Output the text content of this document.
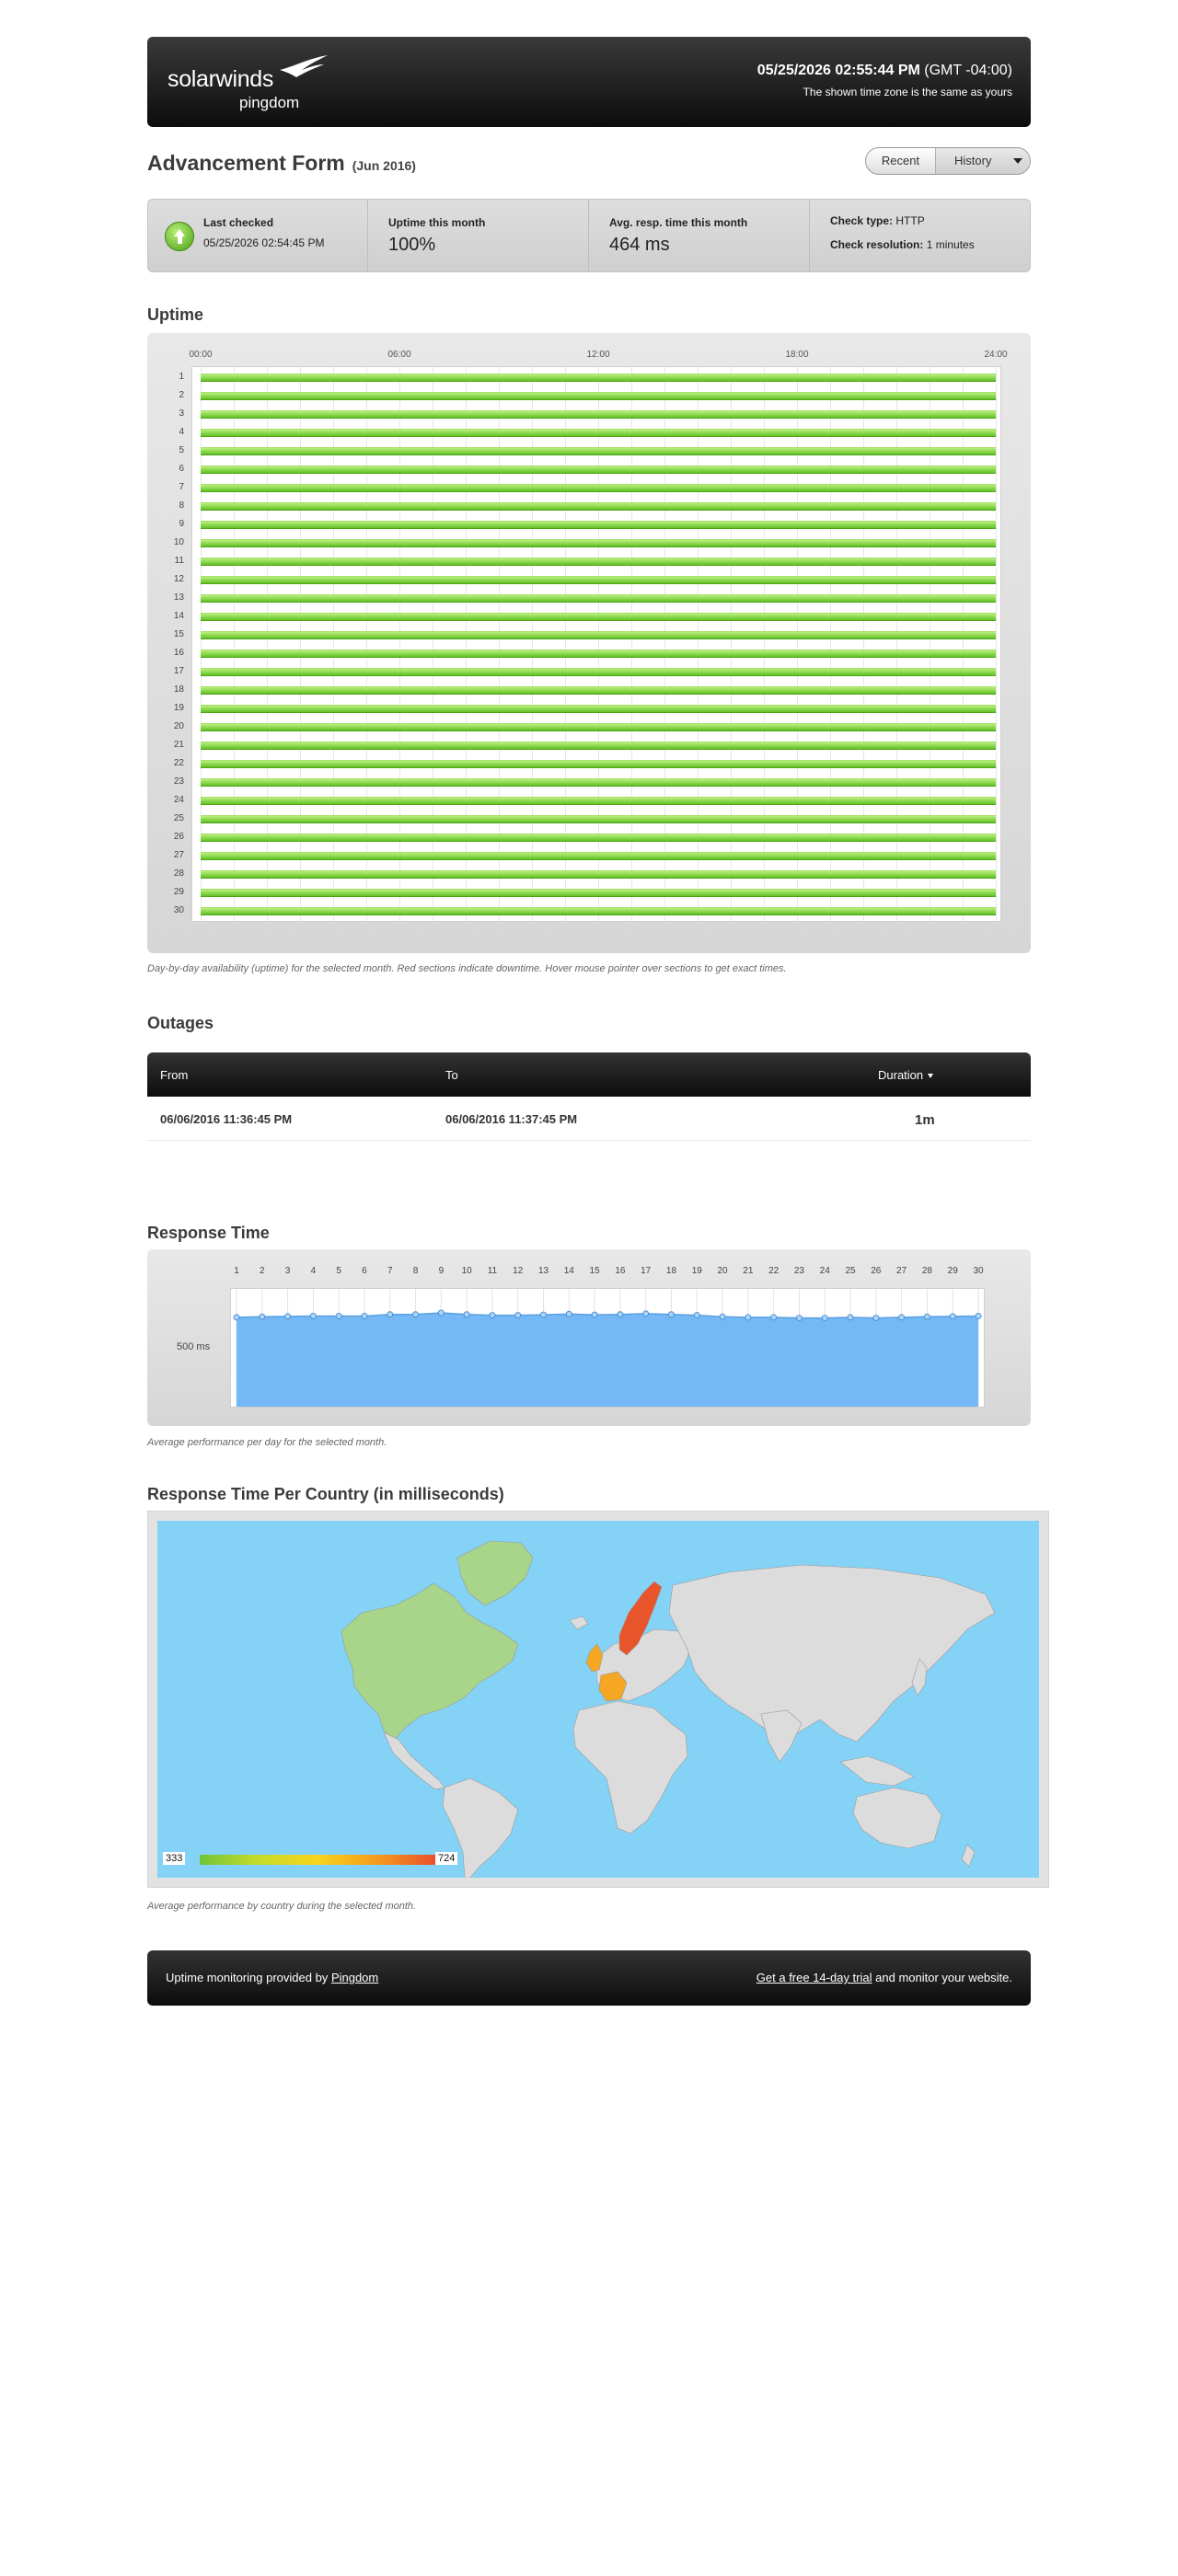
solarwinds
pingdom
05/25/2026 02:55:44 PM (GMT -04:00)
The shown time zone is the same as yours
Advancement Form (Jun 2016)	Recent	History
Last checked
05/25/2026 02:54:45 PM
Uptime this month
100%
Avg. resp. time this month
464 ms
Check type: HTTP
Check resolution: 1 minutes
Uptime
00:00	06:00	12:00	18:00	24:00
1
2
3
4
5
6
7
8
9
10
11
12
13
14
15
16
17
18
19
20
21
22
23
24
25
26
27
28
29
30
Day-by-day availability (uptime) for the selected month. Red sections indicate downtime. Hover mouse pointer over sections to get exact times.
Outages
From	To	Duration
06/06/2016 11:36:45 PM	06/06/2016 11:37:45 PM	1m
Response Time
500 ms
1 2 3 4 5 6 7 8 9 10 11 12 13 14 15 16 17 18 19 20 21 22 23 24 25 26 27 28 29 30
Average performance per day for the selected month.
Response Time Per Country (in milliseconds)
333	724
Average performance by country during the selected month.
Uptime monitoring provided by Pingdom	Get a free 14-day trial and monitor your website.
